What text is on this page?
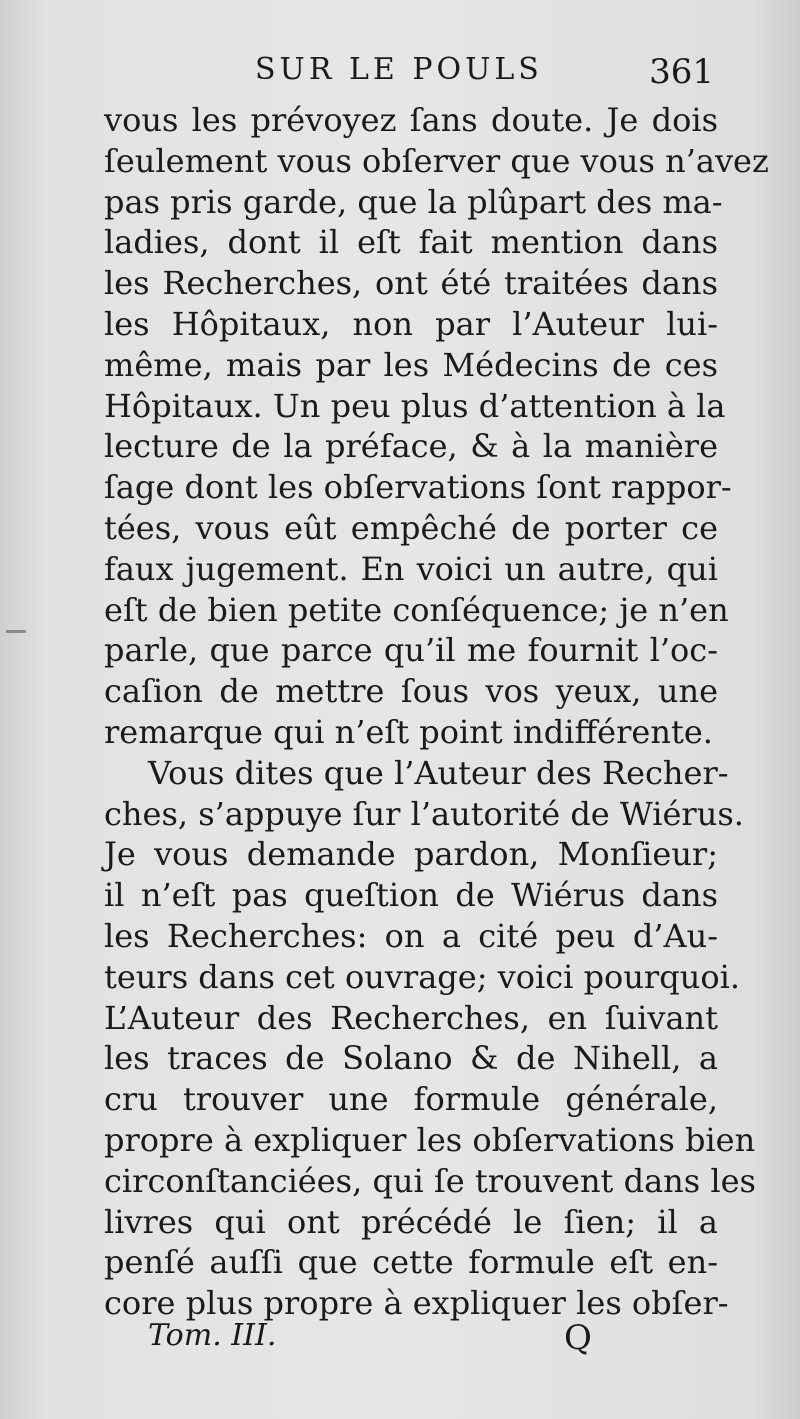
SUR LE POULS	361
vous les prévoyez ſans doute. Je dois
ſeulement vous obſerver que vous n’avez
pas pris garde, que la plûpart des ma-
ladies, dont il eſt fait mention dans
les Recherches, ont été traitées dans
les Hôpitaux, non par l’Auteur lui-
même, mais par les Médecins de ces
Hôpitaux. Un peu plus d’attention à la
lecture de la préface, & à la manière
ſage dont les obſervations ſont rappor-
tées, vous eût empêché de porter ce
faux jugement. En voici un autre, qui
eſt de bien petite conſéquence; je n’en
parle, que parce qu’il me fournit l’oc-
caſion de mettre ſous vos yeux, une
remarque qui n’eſt point indifférente.
Vous dites que l’Auteur des Recher-
ches, s’appuye ſur l’autorité de Wiérus.
Je vous demande pardon, Monſieur;
il n’eſt pas queſtion de Wiérus dans
les Recherches: on a cité peu d’Au-
teurs dans cet ouvrage; voici pourquoi.
L’Auteur des Recherches, en ſuivant
les traces de Solano & de Nihell, a
cru trouver une formule générale,
propre à expliquer les obſervations bien
circonſtanciées, qui ſe trouvent dans les
livres qui ont précédé le ſien; il a
penſé auſſi que cette formule eſt en-
core plus propre à expliquer les obſer-
Tom. III.	Q
